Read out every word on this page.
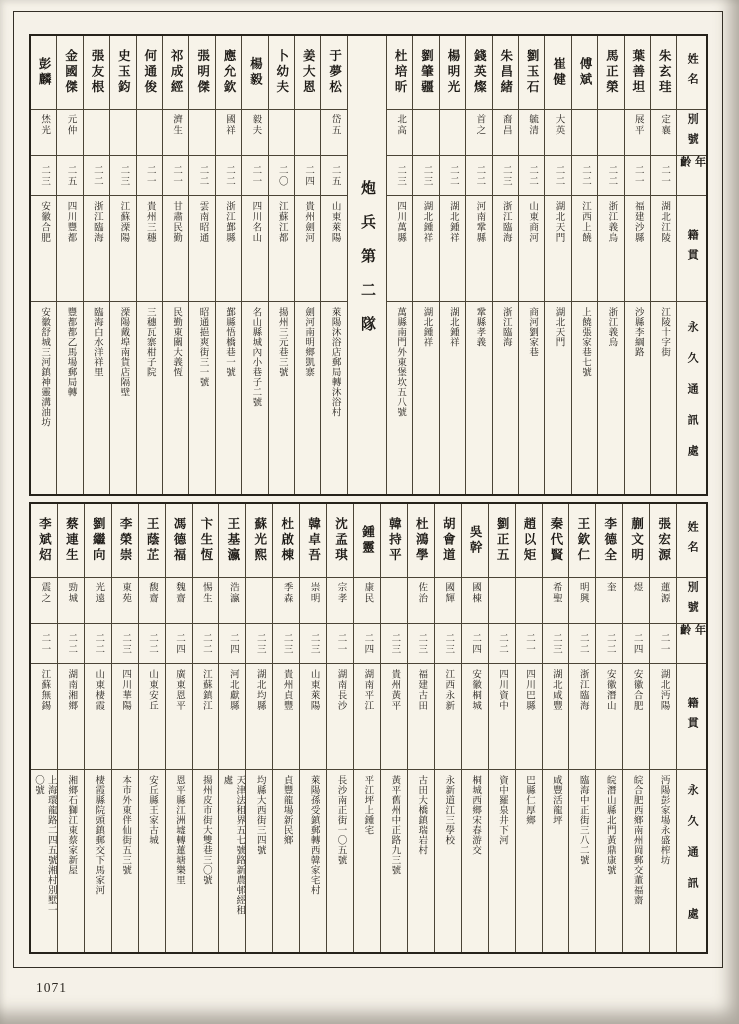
彭麟
烋光
二三
安徽合肥
安徽舒城三河鎮神靈溝油坊
金國傑
元仲
二五
四川豐都
豐都都乙馬場郵局轉
張友根
二二
浙江臨海
臨海白水洋祥里
史玉鈞
二三
江蘇溧陽
溧陽戴埠南貨店隔壁
何通俊
二一
貴州三穗
三穗瓦寨柑子院
祁成經
濟生
二一
甘肅民勤
民勤東關大義恆
張明傑
二二
雲南昭通
昭通挹爽街三一號
應允欽
國祥
二二
浙江鄞縣
鄞縣悟橋巷一號
楊毅
毅夫
二一
四川名山
名山縣城內小巷子二號
卜幼夫
二〇
江蘇江都
揚州三元巷三號
姜大恩
二四
貴州劍河
劍河南明鄉凱寨
于夢松
岱五
二五
山東萊陽
萊陽沐浴店郵局轉沐浴村
炮兵第二隊
杜培昕
北高
二三
四川萬縣
萬縣南門外東堡坎五八號
劉肇疆
二三
湖北鍾祥
湖北鍾祥
楊明光
二二
湖北鍾祥
湖北鍾祥
錢英燦
首之
二二
河南鞏縣
鞏縣孝義
朱昌緒
裔昌
二三
浙江臨海
浙江臨海
劉玉石
毓清
二二
山東商河
商河劉家巷
崔健
大英
二二
湖北天門
湖北天門
傅斌
二二
江西上饒
上饒張家巷七號
馬正榮
二二
浙江義烏
浙江義烏
葉善坦
展平
二一
福建沙縣
沙縣李綱路
朱玄珪
定襄
二一
湖北江陵
江陵十字街
姓名
別號
年齡
籍貫
永久通訊處
李斌炤
震之
二一
江蘇無錫
上海環龍路二四五號湘村別墅一〇號
蔡連生
勁城
二二
湖南湘鄉
湘鄉石獅江東蔡家新屋
劉繼向
光遠
二二
山東棲霞
棲霞縣院頭鎮郵交下馬家河
李榮崇
東苑
二三
四川華陽
本市外東伴仙街五三號
王蔭芷
馥齋
二二
山東安丘
安丘縣王家古城
馮德福
魏齋
二四
廣東恩平
恩平縣江洲墟轉蓮塘樂里
卞生恆
惕生
二二
江蘇鎮江
揚州皮市街大雙巷三〇號
王基瀛
浩瀛
二四
河北獻縣
天津法租界五七號路新農邨經租處
蘇光熙
二三
湖北均縣
均縣大西街三四號
杜啟棟
季森
二三
貴州貞豐
貞豐龍場新民鄉
韓卓吾
崇明
二三
山東萊陽
萊陽孫受鎮郵轉西韓家宅村
沈孟琪
宗孝
二一
湖南長沙
長沙南正街一〇五號
鍾靈
康民
二四
湖南平江
平江坪上鍾宅
韓持平
二三
貴州黃平
黃平舊州中正路九三號
杜鴻學
佐治
二三
福建古田
古田大橋鎮瑞岩村
胡會道
國輝
二三
江西永新
永新道江三學校
吳幹
國棟
二四
安徽桐城
桐城西鄉宋春游交
劉正五
二二
四川資中
資中羅泉井下河
趙以矩
二一
四川巴縣
巴縣仁厚鄉
秦代賢
希聖
二三
湖北咸豐
咸豐活龍坪
王欽仁
明興
二二
浙江臨海
臨海中正街三八二號
李德全
奎
二二
安徽潛山
皖潛山縣北門黃鼎康號
蒯文明
煜
二四
安徽合肥
皖合肥西鄉南州岡郵交董福齋
張宏源
蓮源
二一
湖北沔陽
沔陽彭家場永盛榨坊
姓名
別號
年齡
籍貫
永久通訊處
1071
